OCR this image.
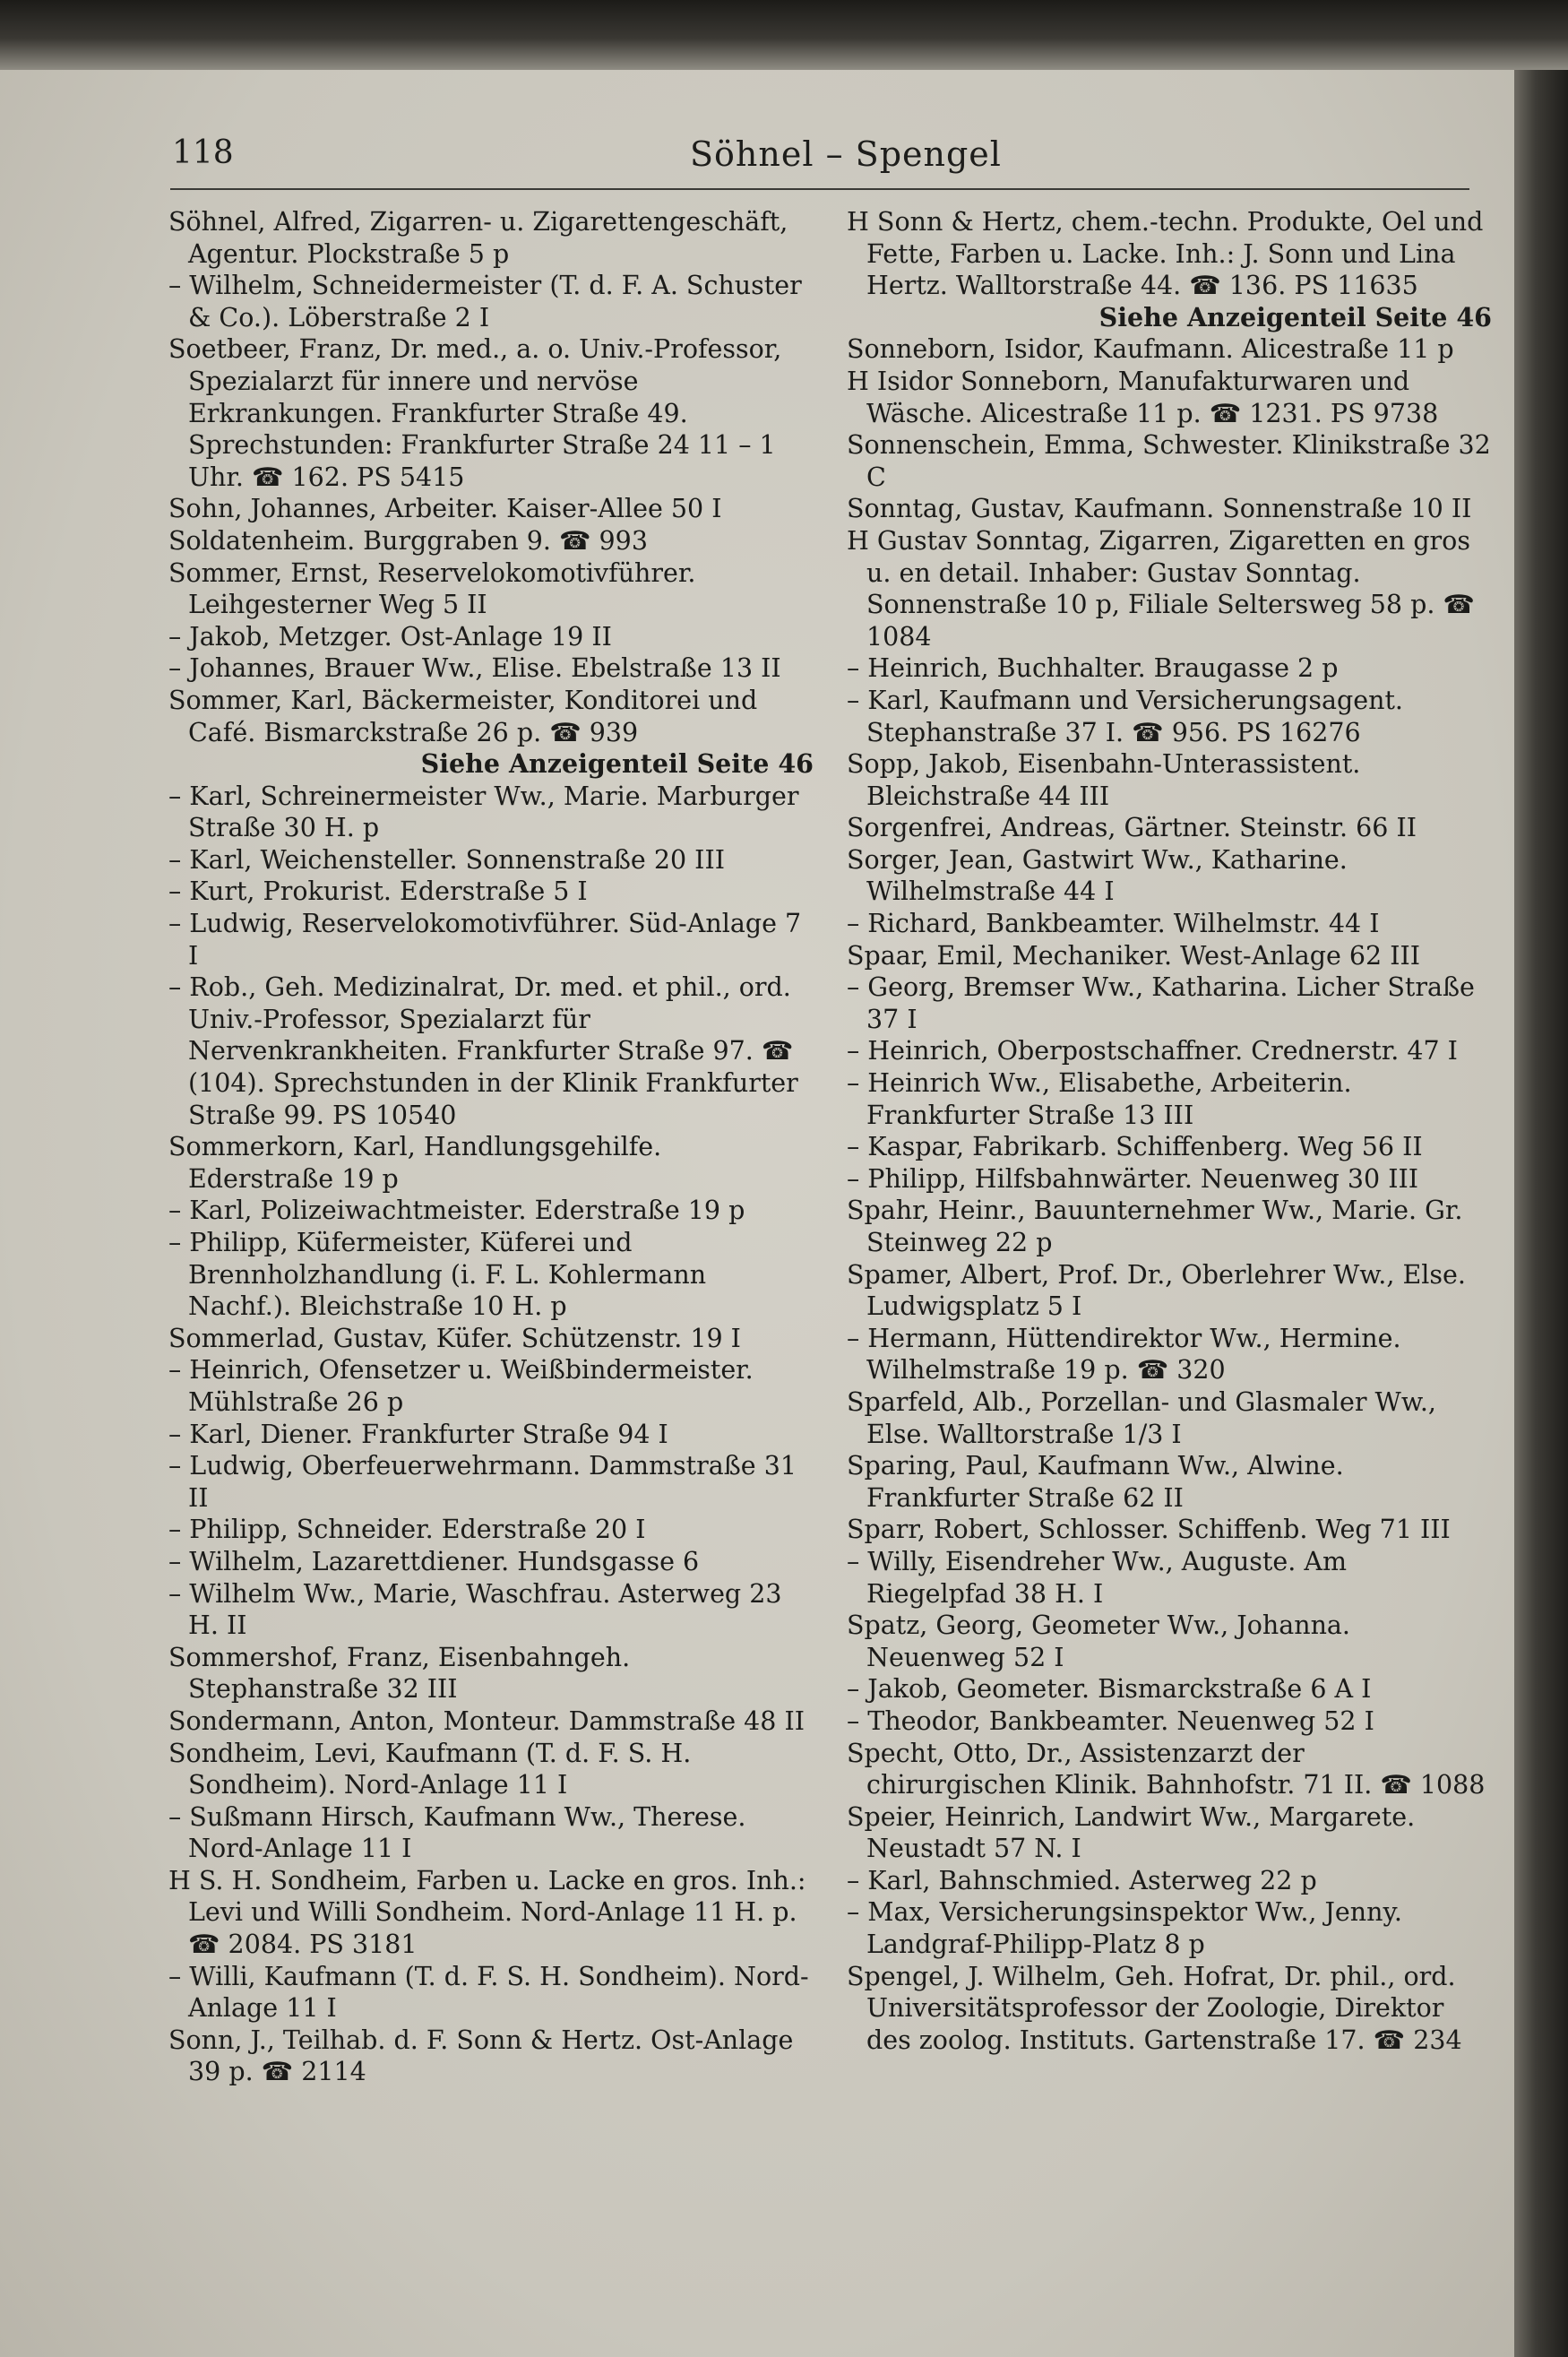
118	Söhnel – Spengel

Söhnel, Alfred, Zigarren- u. Zigarettengeschäft, Agentur. Plockstraße 5 p

– Wilhelm, Schneidermeister (T. d. F. A. Schuster & Co.). Löberstraße 2 I

Soetbeer, Franz, Dr. med., a. o. Univ.-Professor, Spezialarzt für innere und nervöse Erkrankungen. Frankfurter Straße 49. Sprechstunden: Frankfurter Straße 24 11 – 1 Uhr. ☎ 162. PS 5415

Sohn, Johannes, Arbeiter. Kaiser-Allee 50 I

Soldatenheim. Burggraben 9. ☎ 993

Sommer, Ernst, Reservelokomotivführer. Leihgesterner Weg 5 II

– Jakob, Metzger. Ost-Anlage 19 II

– Johannes, Brauer Ww., Elise. Ebelstraße 13 II

Sommer, Karl, Bäckermeister, Konditorei und Café. Bismarckstraße 26 p. ☎ 939

Siehe Anzeigenteil Seite 46

– Karl, Schreinermeister Ww., Marie. Marburger Straße 30 H. p

– Karl, Weichensteller. Sonnenstraße 20 III

– Kurt, Prokurist. Ederstraße 5 I

– Ludwig, Reservelokomotivführer. Süd-Anlage 7 I

– Rob., Geh. Medizinalrat, Dr. med. et phil., ord. Univ.-Professor, Spezialarzt für Nervenkrankheiten. Frankfurter Straße 97. ☎ (104). Sprechstunden in der Klinik Frankfurter Straße 99. PS 10540

Sommerkorn, Karl, Handlungsgehilfe. Ederstraße 19 p

– Karl, Polizeiwachtmeister. Ederstraße 19 p

– Philipp, Küfermeister, Küferei und Brennholzhandlung (i. F. L. Kohlermann Nachf.). Bleichstraße 10 H. p

Sommerlad, Gustav, Küfer. Schützenstr. 19 I

– Heinrich, Ofensetzer u. Weißbindermeister. Mühlstraße 26 p

– Karl, Diener. Frankfurter Straße 94 I

– Ludwig, Oberfeuerwehrmann. Dammstraße 31 II

– Philipp, Schneider. Ederstraße 20 I

– Wilhelm, Lazarettdiener. Hundsgasse 6

– Wilhelm Ww., Marie, Waschfrau. Asterweg 23 H. II

Sommershof, Franz, Eisenbahngeh. Stephanstraße 32 III

Sondermann, Anton, Monteur. Dammstraße 48 II

Sondheim, Levi, Kaufmann (T. d. F. S. H. Sondheim). Nord-Anlage 11 I

– Sußmann Hirsch, Kaufmann Ww., Therese. Nord-Anlage 11 I

H S. H. Sondheim, Farben u. Lacke en gros. Inh.: Levi und Willi Sondheim. Nord-Anlage 11 H. p. ☎ 2084. PS 3181

– Willi, Kaufmann (T. d. F. S. H. Sondheim). Nord-Anlage 11 I

Sonn, J., Teilhab. d. F. Sonn & Hertz. Ost-Anlage 39 p. ☎ 2114

H Sonn & Hertz, chem.-techn. Produkte, Oel und Fette, Farben u. Lacke. Inh.: J. Sonn und Lina Hertz. Walltorstraße 44. ☎ 136. PS 11635

Siehe Anzeigenteil Seite 46

Sonneborn, Isidor, Kaufmann. Alicestraße 11 p

H Isidor Sonneborn, Manufakturwaren und Wäsche. Alicestraße 11 p. ☎ 1231. PS 9738

Sonnenschein, Emma, Schwester. Klinikstraße 32 C

Sonntag, Gustav, Kaufmann. Sonnenstraße 10 II

H Gustav Sonntag, Zigarren, Zigaretten en gros u. en detail. Inhaber: Gustav Sonntag. Sonnenstraße 10 p, Filiale Seltersweg 58 p. ☎ 1084

– Heinrich, Buchhalter. Braugasse 2 p

– Karl, Kaufmann und Versicherungsagent. Stephanstraße 37 I. ☎ 956. PS 16276

Sopp, Jakob, Eisenbahn-Unterassistent. Bleichstraße 44 III

Sorgenfrei, Andreas, Gärtner. Steinstr. 66 II

Sorger, Jean, Gastwirt Ww., Katharine. Wilhelmstraße 44 I

– Richard, Bankbeamter. Wilhelmstr. 44 I

Spaar, Emil, Mechaniker. West-Anlage 62 III

– Georg, Bremser Ww., Katharina. Licher Straße 37 I

– Heinrich, Oberpostschaffner. Crednerstr. 47 I

– Heinrich Ww., Elisabethe, Arbeiterin. Frankfurter Straße 13 III

– Kaspar, Fabrikarb. Schiffenberg. Weg 56 II

– Philipp, Hilfsbahnwärter. Neuenweg 30 III

Spahr, Heinr., Bauunternehmer Ww., Marie. Gr. Steinweg 22 p

Spamer, Albert, Prof. Dr., Oberlehrer Ww., Else. Ludwigsplatz 5 I

– Hermann, Hüttendirektor Ww., Hermine. Wilhelmstraße 19 p. ☎ 320

Sparfeld, Alb., Porzellan- und Glasmaler Ww., Else. Walltorstraße 1/3 I

Sparing, Paul, Kaufmann Ww., Alwine. Frankfurter Straße 62 II

Sparr, Robert, Schlosser. Schiffenb. Weg 71 III

– Willy, Eisendreher Ww., Auguste. Am Riegelpfad 38 H. I

Spatz, Georg, Geometer Ww., Johanna. Neuenweg 52 I

– Jakob, Geometer. Bismarckstraße 6 A I

– Theodor, Bankbeamter. Neuenweg 52 I

Specht, Otto, Dr., Assistenzarzt der chirurgischen Klinik. Bahnhofstr. 71 II. ☎ 1088

Speier, Heinrich, Landwirt Ww., Margarete. Neustadt 57 N. I

– Karl, Bahnschmied. Asterweg 22 p

– Max, Versicherungsinspektor Ww., Jenny. Landgraf-Philipp-Platz 8 p

Spengel, J. Wilhelm, Geh. Hofrat, Dr. phil., ord. Universitätsprofessor der Zoologie, Direktor des zoolog. Instituts. Gartenstraße 17. ☎ 234
